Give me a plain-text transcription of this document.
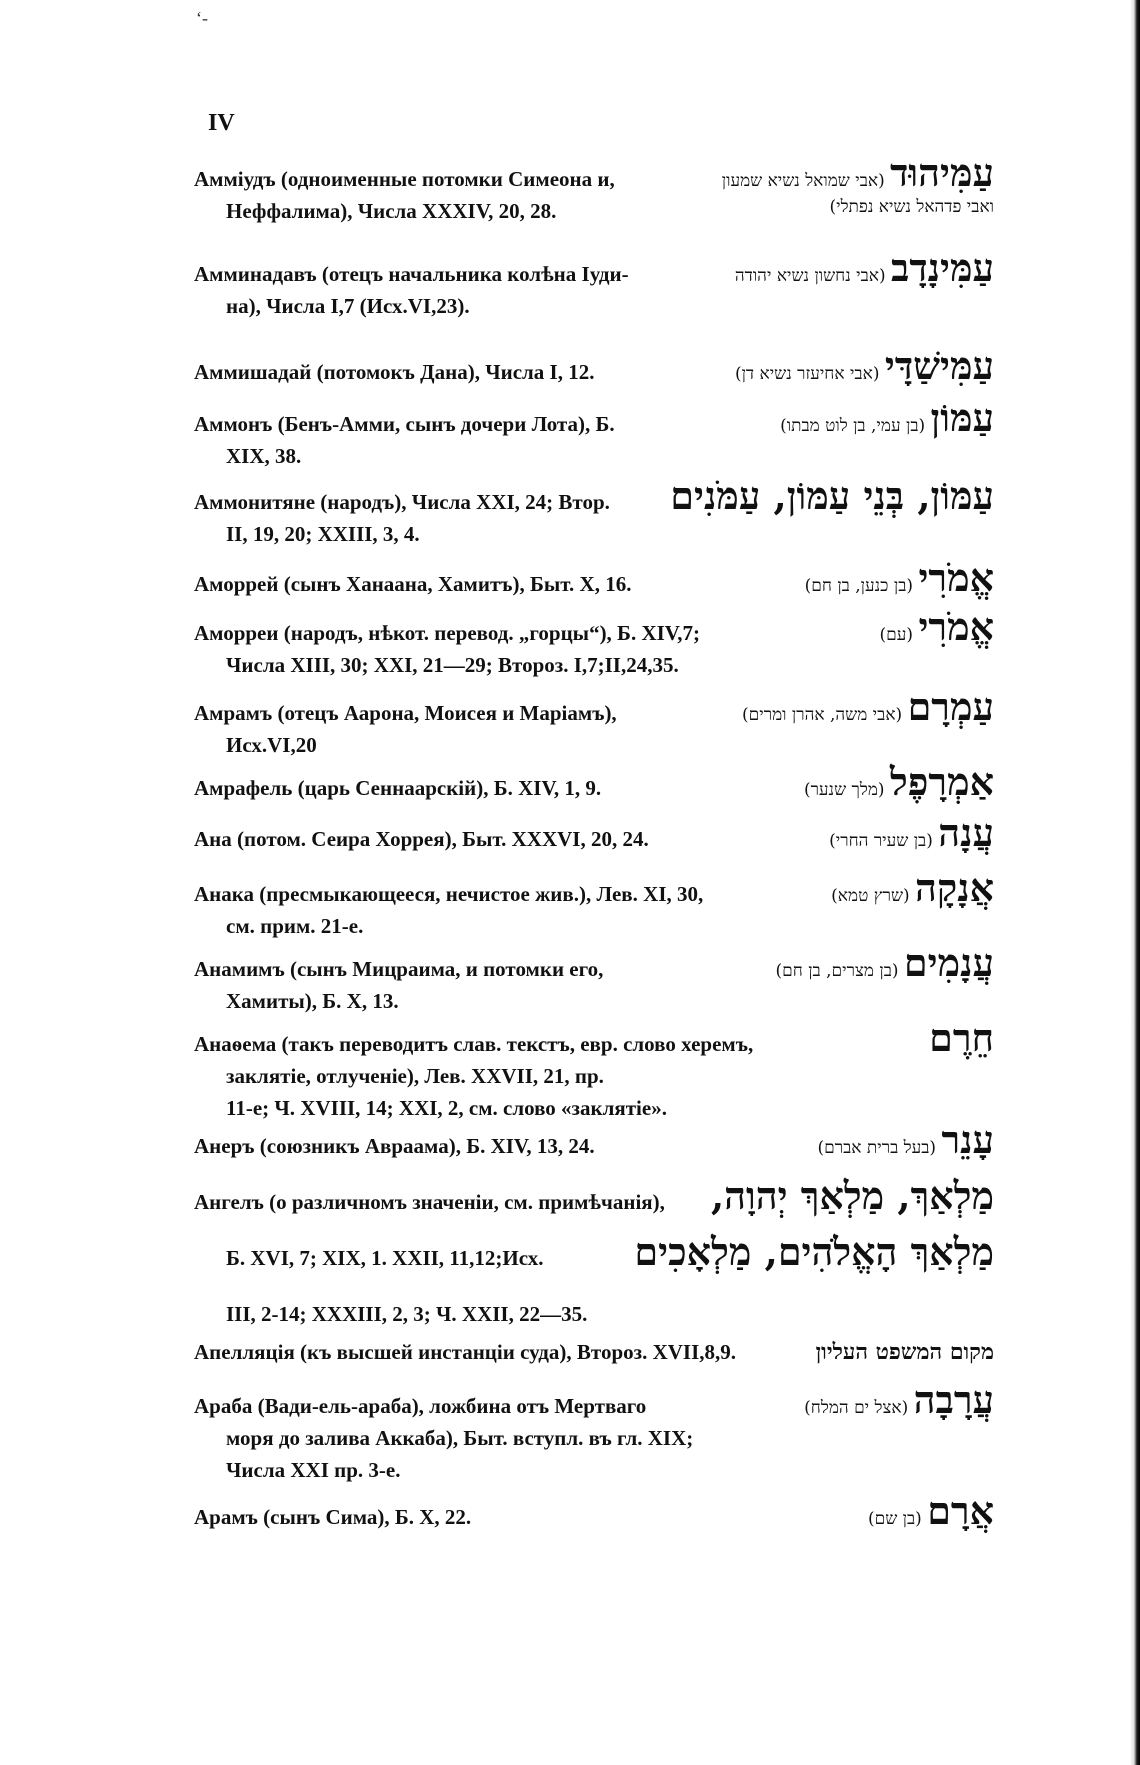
‘-
IV
Аммiудъ (одноименные потомки Симеона и,	עַמִּיהוּד (אבי שמואל נשיא שמעון
Неффалима), Числа XXXIV, 20, 28.	ואבי פדהאל נשיא נפתלי)
Амминадавъ (отецъ начальника колѣна Iуди-	עַמִּינָדָב (אבי נחשון נשיא יהודה
на), Числа I,7 (Исх.VI,23).
Аммишадай (потомокъ Дана), Числа I, 12.	עַמִּישַׁדָּי (אבי אחיעזר נשיא דן)
Аммонъ (Бенъ-Амми, сынъ дочери Лота), Б.	עַמּוֹן (בן עמי, בן לוט מבתו)
XIX, 38.
Аммонитяне (народъ), Числа XXI, 24; Втор. עַמּוֹן, בְּנֵי עַמּוֹן, עַמֹּנִים
II, 19, 20; XXIII, 3, 4.
Аморрей (сынъ Ханаана, Хамитъ), Быт. X, 16.	אֱמֹרִי (בן כנען, בן חם)
Аморреи (народъ, нѣкот. перевод. „горцы“), Б. XIV,7;	אֱמֹרִי (עם)
Числа XIII, 30; XXI, 21—29; Второз. I,7;II,24,35.
Амрамъ (отецъ Аарона, Моисея и Марiамъ),	עַמְרָם (אבי משה, אהרן ומרים)
Исх.VI,20
Амрафель (царь Сеннаарскiй), Б. XIV, 1, 9.	אַמְרָפֶל (מלך שנער)
Ана (потом. Сеира Хоррея), Быт. XXXVI, 20, 24.	עֲנָה (בן שעיר החרי)
Анака (пресмыкающееся, нечистое жив.), Лев. XI, 30,	אֲנָקָה (שרץ טמא)
см. прим. 21-е.
Анамимъ (сынъ Мицраима, и потомки его,	עֲנָמִים (בן מצרים, בן חם)
Хамиты), Б. X, 13.
Анаѳема (такъ переводитъ слав. текстъ, евр. слово херемъ,	חֵרֶם
заклятiе, отлученiе), Лев. XXVII, 21, пр.
11-е; Ч. XVIII, 14; XXI, 2, см. слово «заклятiе».
Анеръ (союзникъ Авраама), Б. XIV, 13, 24.	עָנֵר (בעל ברית אברם)
Ангелъ (о различномъ значенiи, см. примѣчанiя), מַלְאַךְ, מַלְאַךְ יְהוָה,
Б. XVI, 7; XIX, 1. XXII, 11,12;Исх. מַלְאַךְ הָאֱלֹהִים, מַלְאָכִים
III, 2-14; XXXIII, 2, 3; Ч. XXII, 22—35.
Апелляцiя (къ высшей инстанцiи суда), Второз. XVII,8,9.	מקום המשפט העליון
Араба (Вади-ель-араба), ложбина отъ Мертваго	עֲרָבָה (אצל ים המלח)
моря до залива Аккаба), Быт. вступл. въ гл. XIX;
Числа XXI пр. 3-е.
Арамъ (сынъ Сима), Б. X, 22.	אֲרָם (בן שם)
